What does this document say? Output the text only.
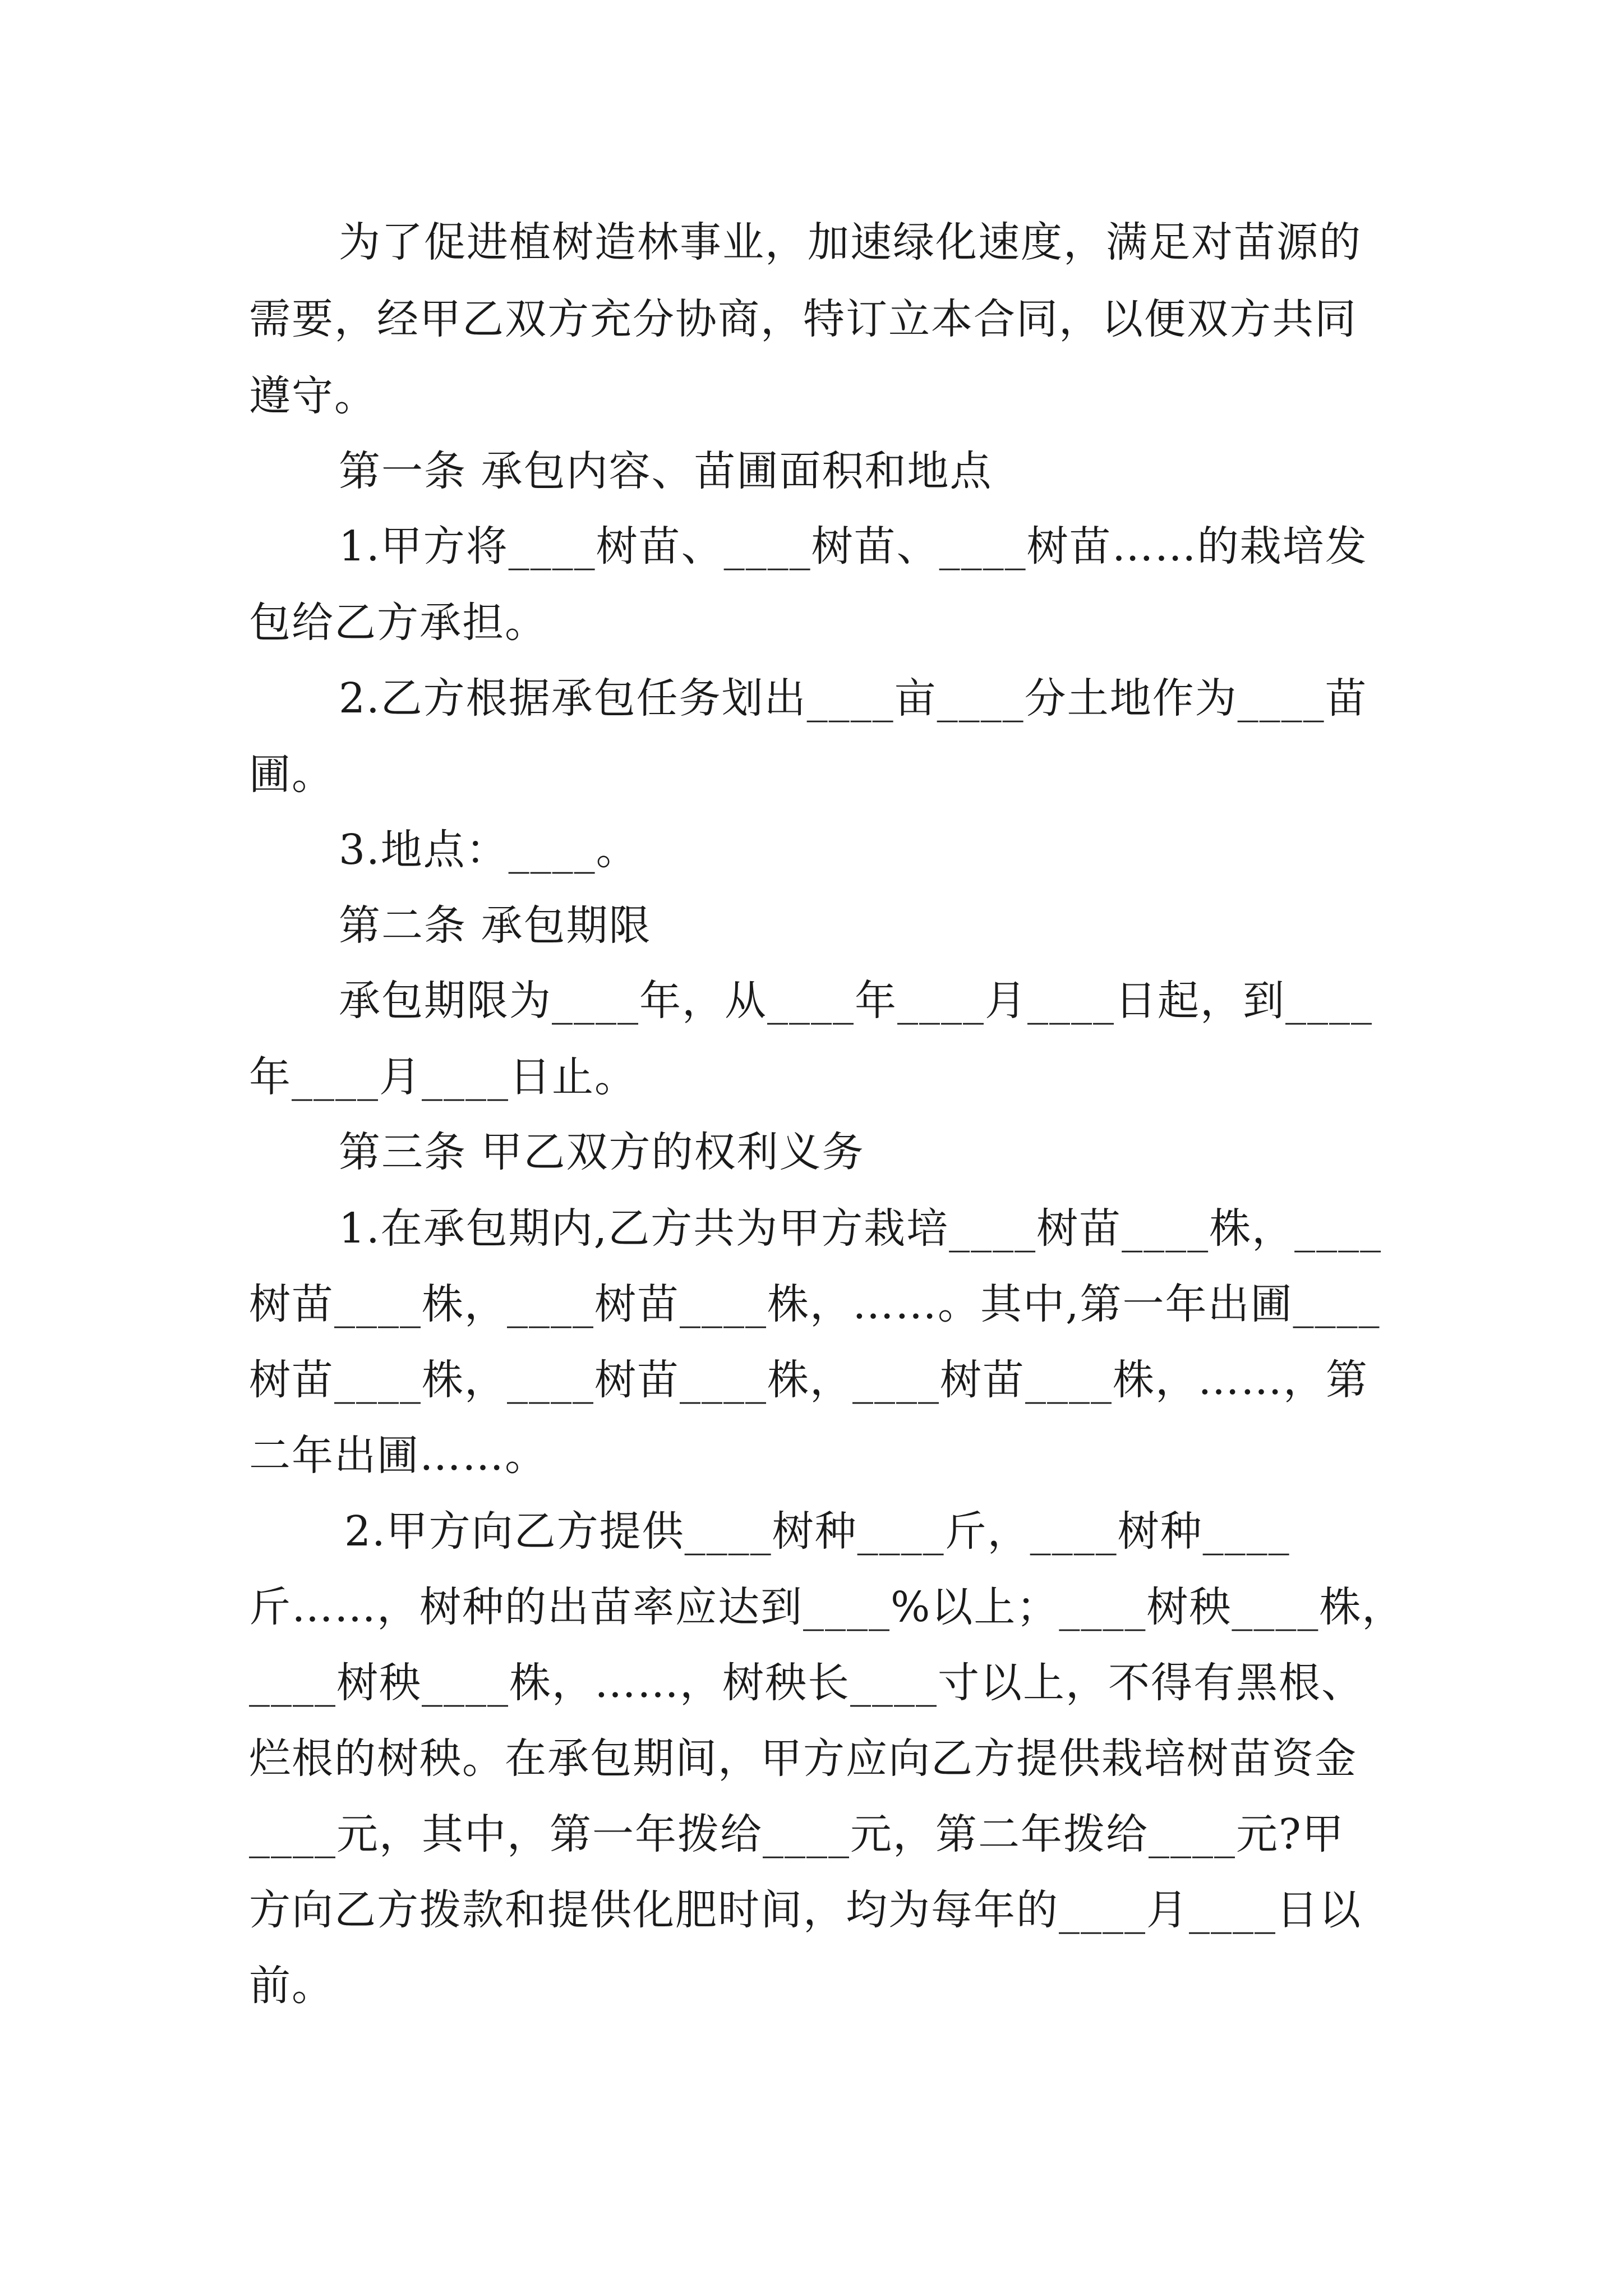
为了促进植树造林事业，加速绿化速度，满足对苗源的
需要，经甲乙双方充分协商，特订立本合同，以便双方共同
遵守。
第一条 承包内容、苗圃面积和地点
1.甲方将____树苗、____树苗、____树苗……的栽培发
包给乙方承担。
2.乙方根据承包任务划出____亩____分土地作为____苗
圃。
3.地点：____。
第二条 承包期限
承包期限为____年，从____年____月____日起，到____
年____月____日止。
第三条 甲乙双方的权利义务
1.在承包期内,乙方共为甲方栽培____树苗____株，____
树苗____株，____树苗____株，……。其中,第一年出圃____
树苗____株，____树苗____株，____树苗____株，……，第
二年出圃……。
2.甲方向乙方提供____树种____斤，____树种____
斤……，树种的出苗率应达到____%以上；____树秧____株，
____树秧____株，……，树秧长____寸以上，不得有黑根、
烂根的树秧。在承包期间，甲方应向乙方提供栽培树苗资金
____元，其中，第一年拨给____元，第二年拨给____元?甲
方向乙方拨款和提供化肥时间，均为每年的____月____日以
前。
